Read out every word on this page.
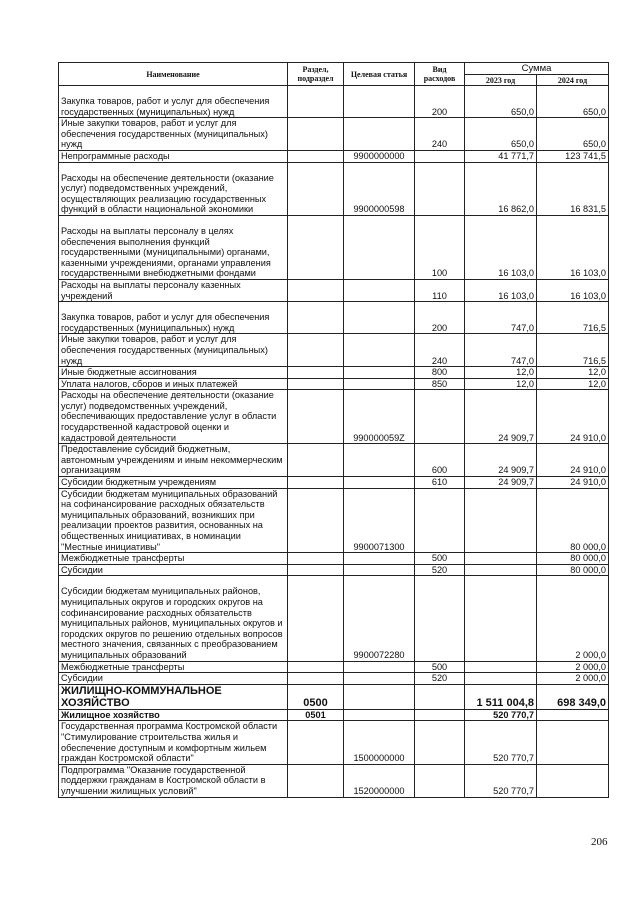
Наименование	Раздел, подраздел	Целевая статья	Вид расходов	Сумма	
				2023 год	2024 год
Закупка товаров, работ и услуг для обеспечения государственных (муниципальных) нужд			200	650,0	650,0
Иные закупки товаров, работ и услуг для обеспечения государственных (муниципальных) нужд			240	650,0	650,0
Непрограммные расходы		9900000000		41 771,7	123 741,5
Расходы на обеспечение деятельности (оказание услуг) подведомственных учреждений, осуществляющих реализацию государственных функций в области национальной экономики		9900000598		16 862,0	16 831,5
Расходы на выплаты персоналу в целях обеспечения выполнения функций государственными (муниципальными) органами, казенными учреждениями, органами управления государственными внебюджетными фондами			100	16 103,0	16 103,0
Расходы на выплаты персоналу казенных учреждений			110	16 103,0	16 103,0
Закупка товаров, работ и услуг для обеспечения государственных (муниципальных) нужд			200	747,0	716,5
Иные закупки товаров, работ и услуг для обеспечения государственных (муниципальных) нужд			240	747,0	716,5
Иные бюджетные ассигнования			800	12,0	12,0
Уплата налогов, сборов и иных платежей			850	12,0	12,0
Расходы на обеспечение деятельности (оказание услуг) подведомственных учреждений, обеспечивающих предоставление услуг в области государственной кадастровой оценки и кадастровой деятельности		990000059Z		24 909,7	24 910,0
Предоставление субсидий бюджетным, автономным учреждениям и иным некоммерческим организациям			600	24 909,7	24 910,0
Субсидии бюджетным учреждениям			610	24 909,7	24 910,0
Субсидии бюджетам муниципальных образований на софинансирование расходных обязательств муниципальных образований, возникших при реализации проектов развития, основанных на общественных инициативах, в номинации "Местные инициативы"		9900071300			80 000,0
Межбюджетные трансферты			500		80 000,0
Субсидии			520		80 000,0
Субсидии бюджетам муниципальных районов, муниципальных округов и городских округов на софинансирование расходных обязательств муниципальных районов, муниципальных округов и городских округов по решению отдельных вопросов местного значения, связанных с преобразованием муниципальных образований		9900072280			2 000,0
Межбюджетные трансферты			500		2 000,0
Субсидии			520		2 000,0
ЖИЛИЩНО-КОММУНАЛЬНОЕ ХОЗЯЙСТВО	0500			1 511 004,8	698 349,0
Жилищное хозяйство	0501			520 770,7	
Государственная программа Костромской области "Стимулирование строительства жилья и обеспечение доступным и комфортным жильем граждан Костромской области"		1500000000		520 770,7	
Подпрограмма "Оказание государственной поддержки гражданам в Костромской области в улучшении жилищных условий"		1520000000		520 770,7	
206
